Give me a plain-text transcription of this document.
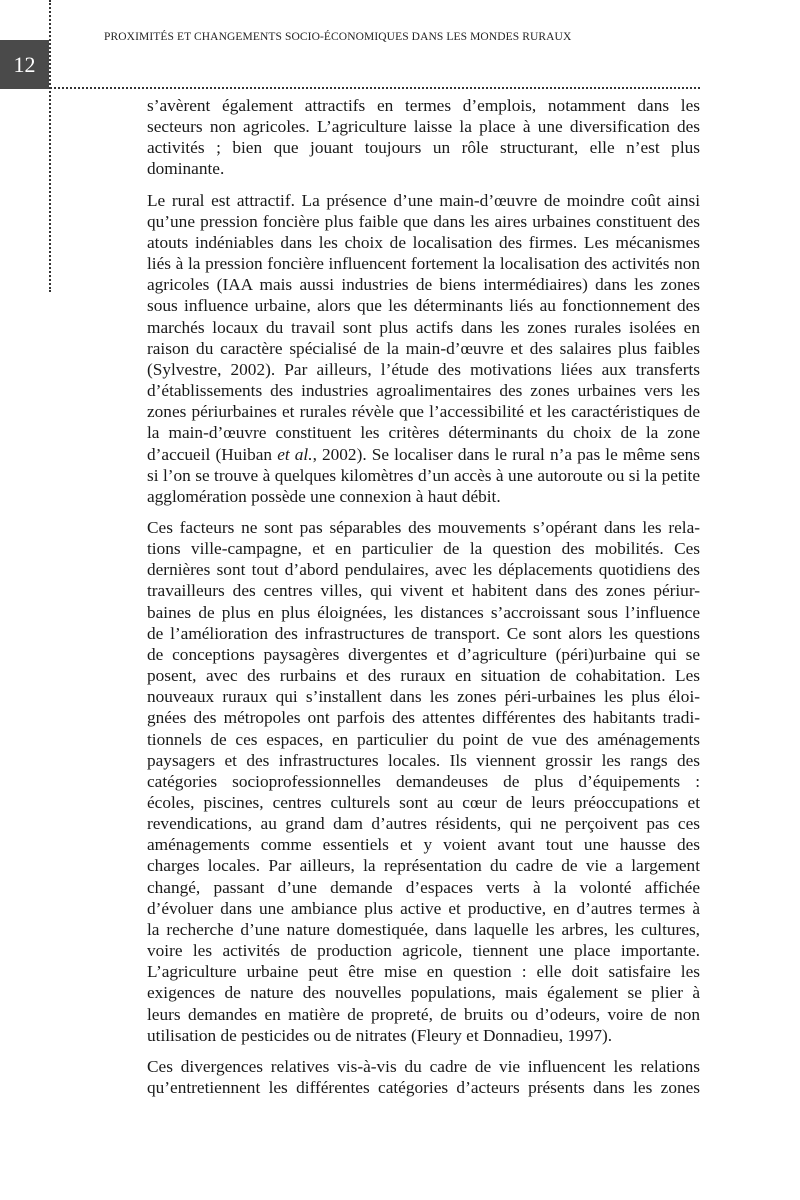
12
PROXIMITÉS ET CHANGEMENTS SOCIO-ÉCONOMIQUES DANS LES MONDES RURAUX
s’avèrent également attractifs en termes d’emplois, notamment dans les
secteurs non agricoles. L’agriculture laisse la place à une diversification des
activités ; bien que jouant toujours un rôle structurant, elle n’est plus
dominante.
Le rural est attractif. La présence d’une main-d’œuvre de moindre coût ainsi
qu’une pression foncière plus faible que dans les aires urbaines constituent des
atouts indéniables dans les choix de localisation des firmes. Les mécanismes
liés à la pression foncière influencent fortement la localisation des activités non
agricoles (IAA mais aussi industries de biens intermédiaires) dans les zones
sous influence urbaine, alors que les déterminants liés au fonctionnement des
marchés locaux du travail sont plus actifs dans les zones rurales isolées en
raison du caractère spécialisé de la main-d’œuvre et des salaires plus faibles
(Sylvestre, 2002). Par ailleurs, l’étude des motivations liées aux transferts
d’établissements des industries agroalimentaires des zones urbaines vers les
zones périurbaines et rurales révèle que l’accessibilité et les caractéristiques de
la main-d’œuvre constituent les critères déterminants du choix de la zone
d’accueil (Huiban et al., 2002). Se localiser dans le rural n’a pas le même sens
si l’on se trouve à quelques kilomètres d’un accès à une autoroute ou si la petite
agglomération possède une connexion à haut débit.
Ces facteurs ne sont pas séparables des mouvements s’opérant dans les rela-
tions ville-campagne, et en particulier de la question des mobilités. Ces
dernières sont tout d’abord pendulaires, avec les déplacements quotidiens des
travailleurs des centres villes, qui vivent et habitent dans des zones périur-
baines de plus en plus éloignées, les distances s’accroissant sous l’influence
de l’amélioration des infrastructures de transport. Ce sont alors les questions
de conceptions paysagères divergentes et d’agriculture (péri)urbaine qui se
posent, avec des rurbains et des ruraux en situation de cohabitation. Les
nouveaux ruraux qui s’installent dans les zones péri-urbaines les plus éloi-
gnées des métropoles ont parfois des attentes différentes des habitants tradi-
tionnels de ces espaces, en particulier du point de vue des aménagements
paysagers et des infrastructures locales. Ils viennent grossir les rangs des
catégories socioprofessionnelles demandeuses de plus d’équipements :
écoles, piscines, centres culturels sont au cœur de leurs préoccupations et
revendications, au grand dam d’autres résidents, qui ne perçoivent pas ces
aménagements comme essentiels et y voient avant tout une hausse des
charges locales. Par ailleurs, la représentation du cadre de vie a largement
changé, passant d’une demande d’espaces verts à la volonté affichée
d’évoluer dans une ambiance plus active et productive, en d’autres termes à
la recherche d’une nature domestiquée, dans laquelle les arbres, les cultures,
voire les activités de production agricole, tiennent une place importante.
L’agriculture urbaine peut être mise en question : elle doit satisfaire les
exigences de nature des nouvelles populations, mais également se plier à
leurs demandes en matière de propreté, de bruits ou d’odeurs, voire de non
utilisation de pesticides ou de nitrates (Fleury et Donnadieu, 1997).
Ces divergences relatives vis-à-vis du cadre de vie influencent les relations
qu’entretiennent les différentes catégories d’acteurs présents dans les zones
